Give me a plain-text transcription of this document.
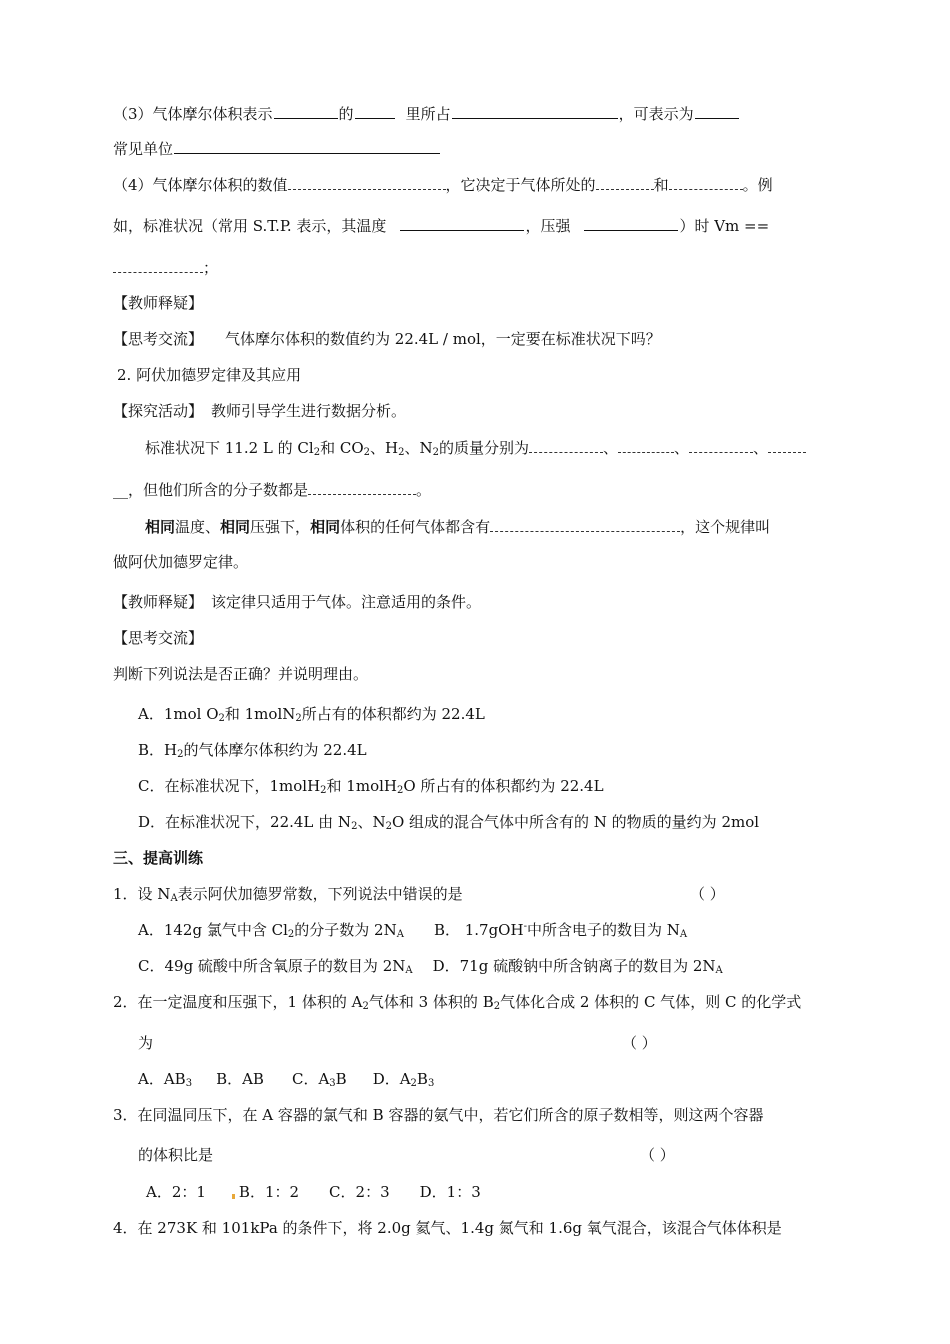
（3）气体摩尔体积表示	的	里所占	，可表示为
常见单位
（4）气体摩尔体积的数值	，它决定于气体所处的	和	。例
如，标准状况（常用 S.T.P. 表示，其温度	，压强	）时 Vm ==
；
【教师释疑】
【思考交流】 气体摩尔体积的数值约为 22.4L / mol，一定要在标准状况下吗？
2. 阿伏加德罗定律及其应用
【探究活动】 教师引导学生进行数据分析。
标准状况下 11.2 L 的 $Cl_2$和 $CO_2$、$H_2$、$N_2$的质量分别为	、	、	、
__，但他们所含的分子数都是	。
相同温度、相同压强下，相同体积的任何气体都含有	，这个规律叫
做阿伏加德罗定律。
【教师释疑】 该定律只适用于气体。注意适用的条件。
【思考交流】
判断下列说法是否正确？并说明理由。
A．1mol $O_2$和 1molN$_2$所占有的体积都约为 22.4L
B．$H_2$的气体摩尔体积约为 22.4L
C．在标准状况下，1molH$_2$和 1molH$_2$O 所占有的体积都约为 22.4L
D．在标准状况下，22.4L 由 $N_2$、$N_2O$ 组成的混合气体中所含有的 N 的物质的量约为 2mol
三、提高训练
1．设 $N_A$表示阿伏加德罗常数，下列说法中错误的是	（ ）
A．142g 氯气中含 $Cl_2$的分子数为 $2N_A$ B． 1.7gOH-中所含电子的数目为 $N_A$
C．49g 硫酸中所含氧原子的数目为 $2N_A$ D．71g 硫酸钠中所含钠离子的数目为 $2N_A$
2．在一定温度和压强下，1 体积的 $A_2$气体和 3 体积的 $B_2$气体化合成 2 体积的 C 气体，则 C 的化学式
为	（ ）
A．$AB_3$ B．AB C．$A_3B$ D．$A_2B_3$
3．在同温同压下，在 A 容器的氯气和 B 容器的氨气中，若它们所含的原子数相等，则这两个容器
的体积比是	（ ）
A．2：1 B．1：2 C．2：3 D．1：3
4．在 273K 和 101kPa 的条件下，将 2.0g 氦气、1.4g 氮气和 1.6g 氧气混合，该混合气体体积是
